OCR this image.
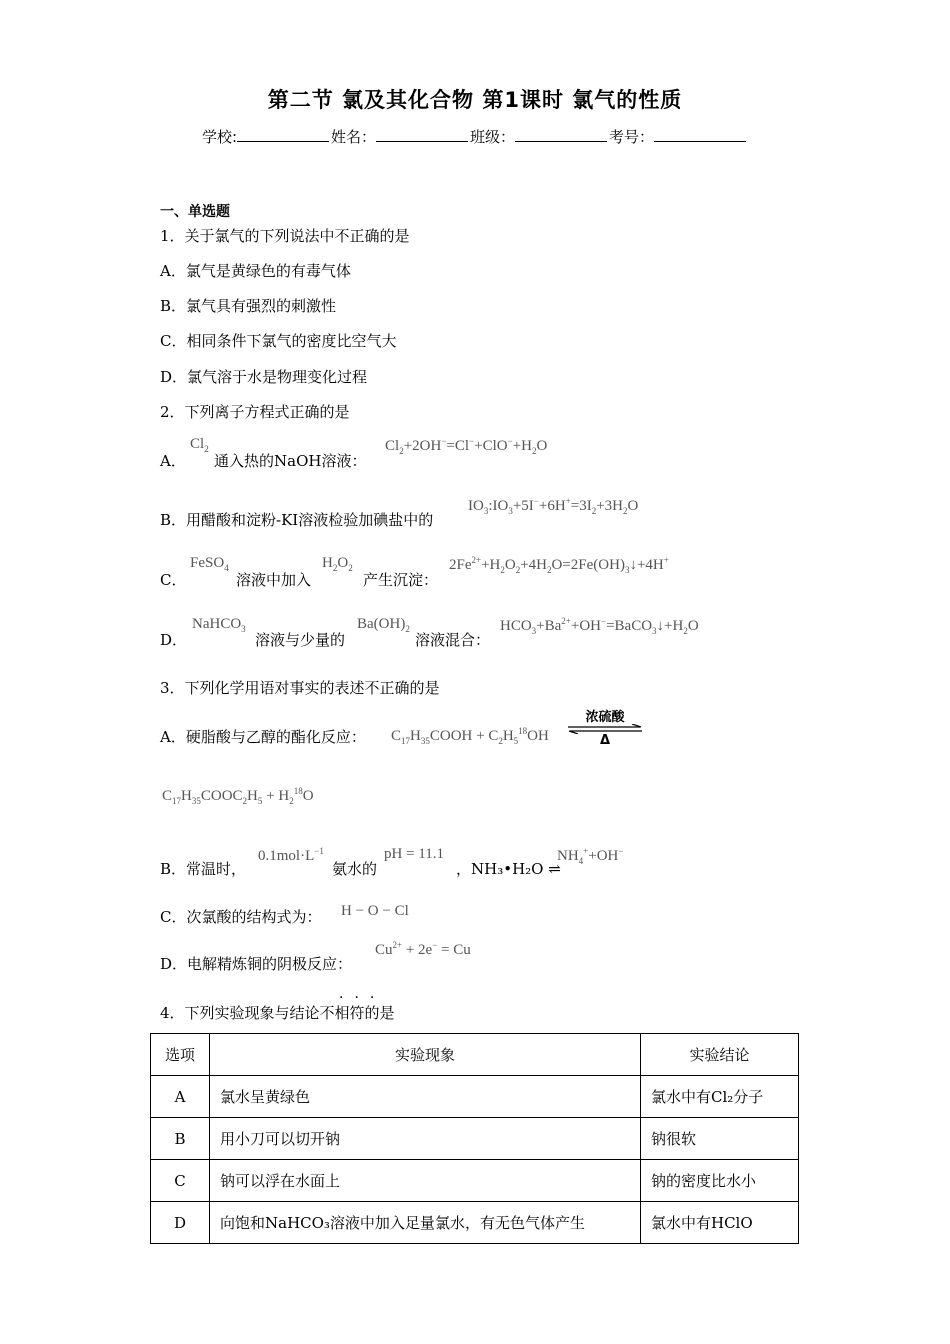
第二节 氯及其化合物 第1课时 氯气的性质
学校:	姓名：	班级：	考号：
一、单选题
1．关于氯气的下列说法中不正确的是
A．氯气是黄绿色的有毒气体
B．氯气具有强烈的刺激性
C．相同条件下氯气的密度比空气大
D．氯气溶于水是物理变化过程
2．下列离子方程式正确的是
A．
$Cl_2$
通入热的NaOH溶液：
$Cl_2+2OH^-=Cl^-+ClO^-+H_2O$
B．用醋酸和淀粉-KI溶液检验加碘盐中的
$IO_3:IO_3+5I^-+6H^+=3I_2+3H_2O$
C．
FeSO$_4$
溶液中加入
$H_2O_2$
产生沉淀：
$2Fe^{2+}+H_2O_2+4H_2O=2Fe(OH)_3↓+4H^+$
D．
NaHCO$_3$
溶液与少量的
$Ba(OH)_2$
溶液混合：
$HCO_3+Ba^{2+}+OH^-=BaCO_3↓+H_2O$
3．下列化学用语对事实的表述不正确的是
A．硬脂酸与乙醇的酯化反应： $C_{17}H_{35}COOH + C_2H_5^{18}OH$
浓硫酸
Δ
$C_{17}H_{35}COOC_2H_5 + H_2^{18}O$
B．常温时，
$0.1mol\cdot L^{-1}$
氨水的
pH = 11.1
，NH₃•H₂O ⇌
$NH_4^++OH^-$
C．次氯酸的结构式为： H − O − Cl
D．电解精炼铜的阴极反应：
$Cu^{2+} + 2e^- = Cu$
···
4．下列实验现象与结论不相符的是
选项	实验现象	实验结论
A	氯水呈黄绿色	氯水中有Cl₂分子
B	用小刀可以切开钠	钠很软
C	钠可以浮在水面上	钠的密度比水小
D	向饱和NaHCO₃溶液中加入足量氯水，有无色气体产生	氯水中有HClO
